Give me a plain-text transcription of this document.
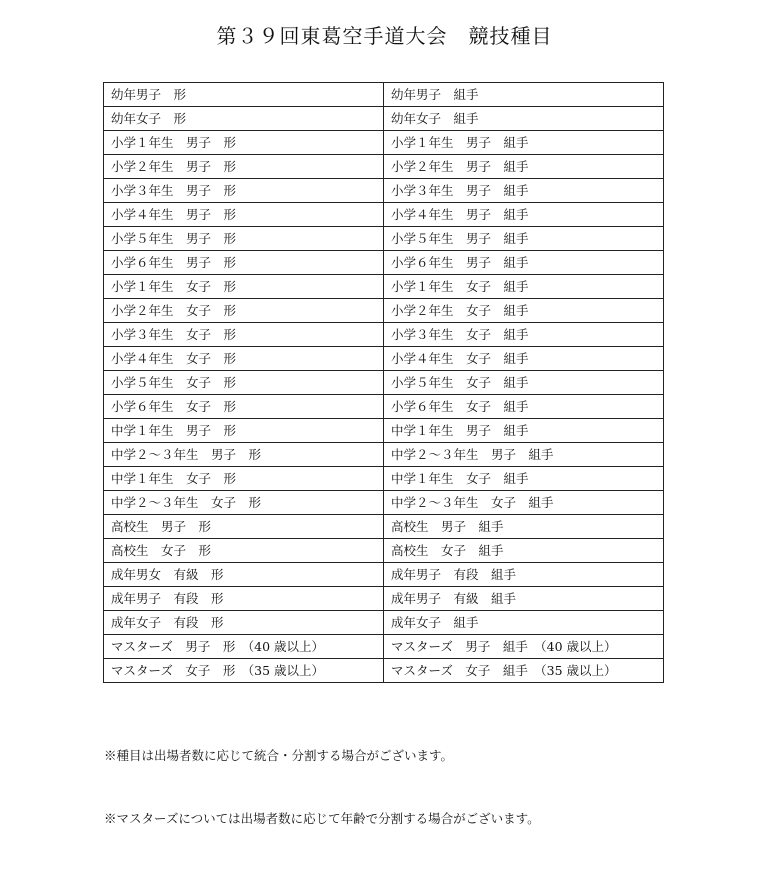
第３９回東葛空手道大会　競技種目
幼年男子　形	幼年男子　組手
幼年女子　形	幼年女子　組手
小学１年生　男子　形	小学１年生　男子　組手
小学２年生　男子　形	小学２年生　男子　組手
小学３年生　男子　形	小学３年生　男子　組手
小学４年生　男子　形	小学４年生　男子　組手
小学５年生　男子　形	小学５年生　男子　組手
小学６年生　男子　形	小学６年生　男子　組手
小学１年生　女子　形	小学１年生　女子　組手
小学２年生　女子　形	小学２年生　女子　組手
小学３年生　女子　形	小学３年生　女子　組手
小学４年生　女子　形	小学４年生　女子　組手
小学５年生　女子　形	小学５年生　女子　組手
小学６年生　女子　形	小学６年生　女子　組手
中学１年生　男子　形	中学１年生　男子　組手
中学２〜３年生　男子　形	中学２〜３年生　男子　組手
中学１年生　女子　形	中学１年生　女子　組手
中学２〜３年生　女子　形	中学２〜３年生　女子　組手
高校生　男子　形	高校生　男子　組手
高校生　女子　形	高校生　女子　組手
成年男女　有級　形	成年男子　有段　組手
成年男子　有段　形	成年男子　有級　組手
成年女子　有段　形	成年女子　組手
マスターズ　男子　形　（40 歳以上）	マスターズ　男子　組手　（40 歳以上）
マスターズ　女子　形　（35 歳以上）	マスターズ　女子　組手　（35 歳以上）

※種目は出場者数に応じて統合・分割する場合がございます。

※マスターズについては出場者数に応じて年齢で分割する場合がございます。
